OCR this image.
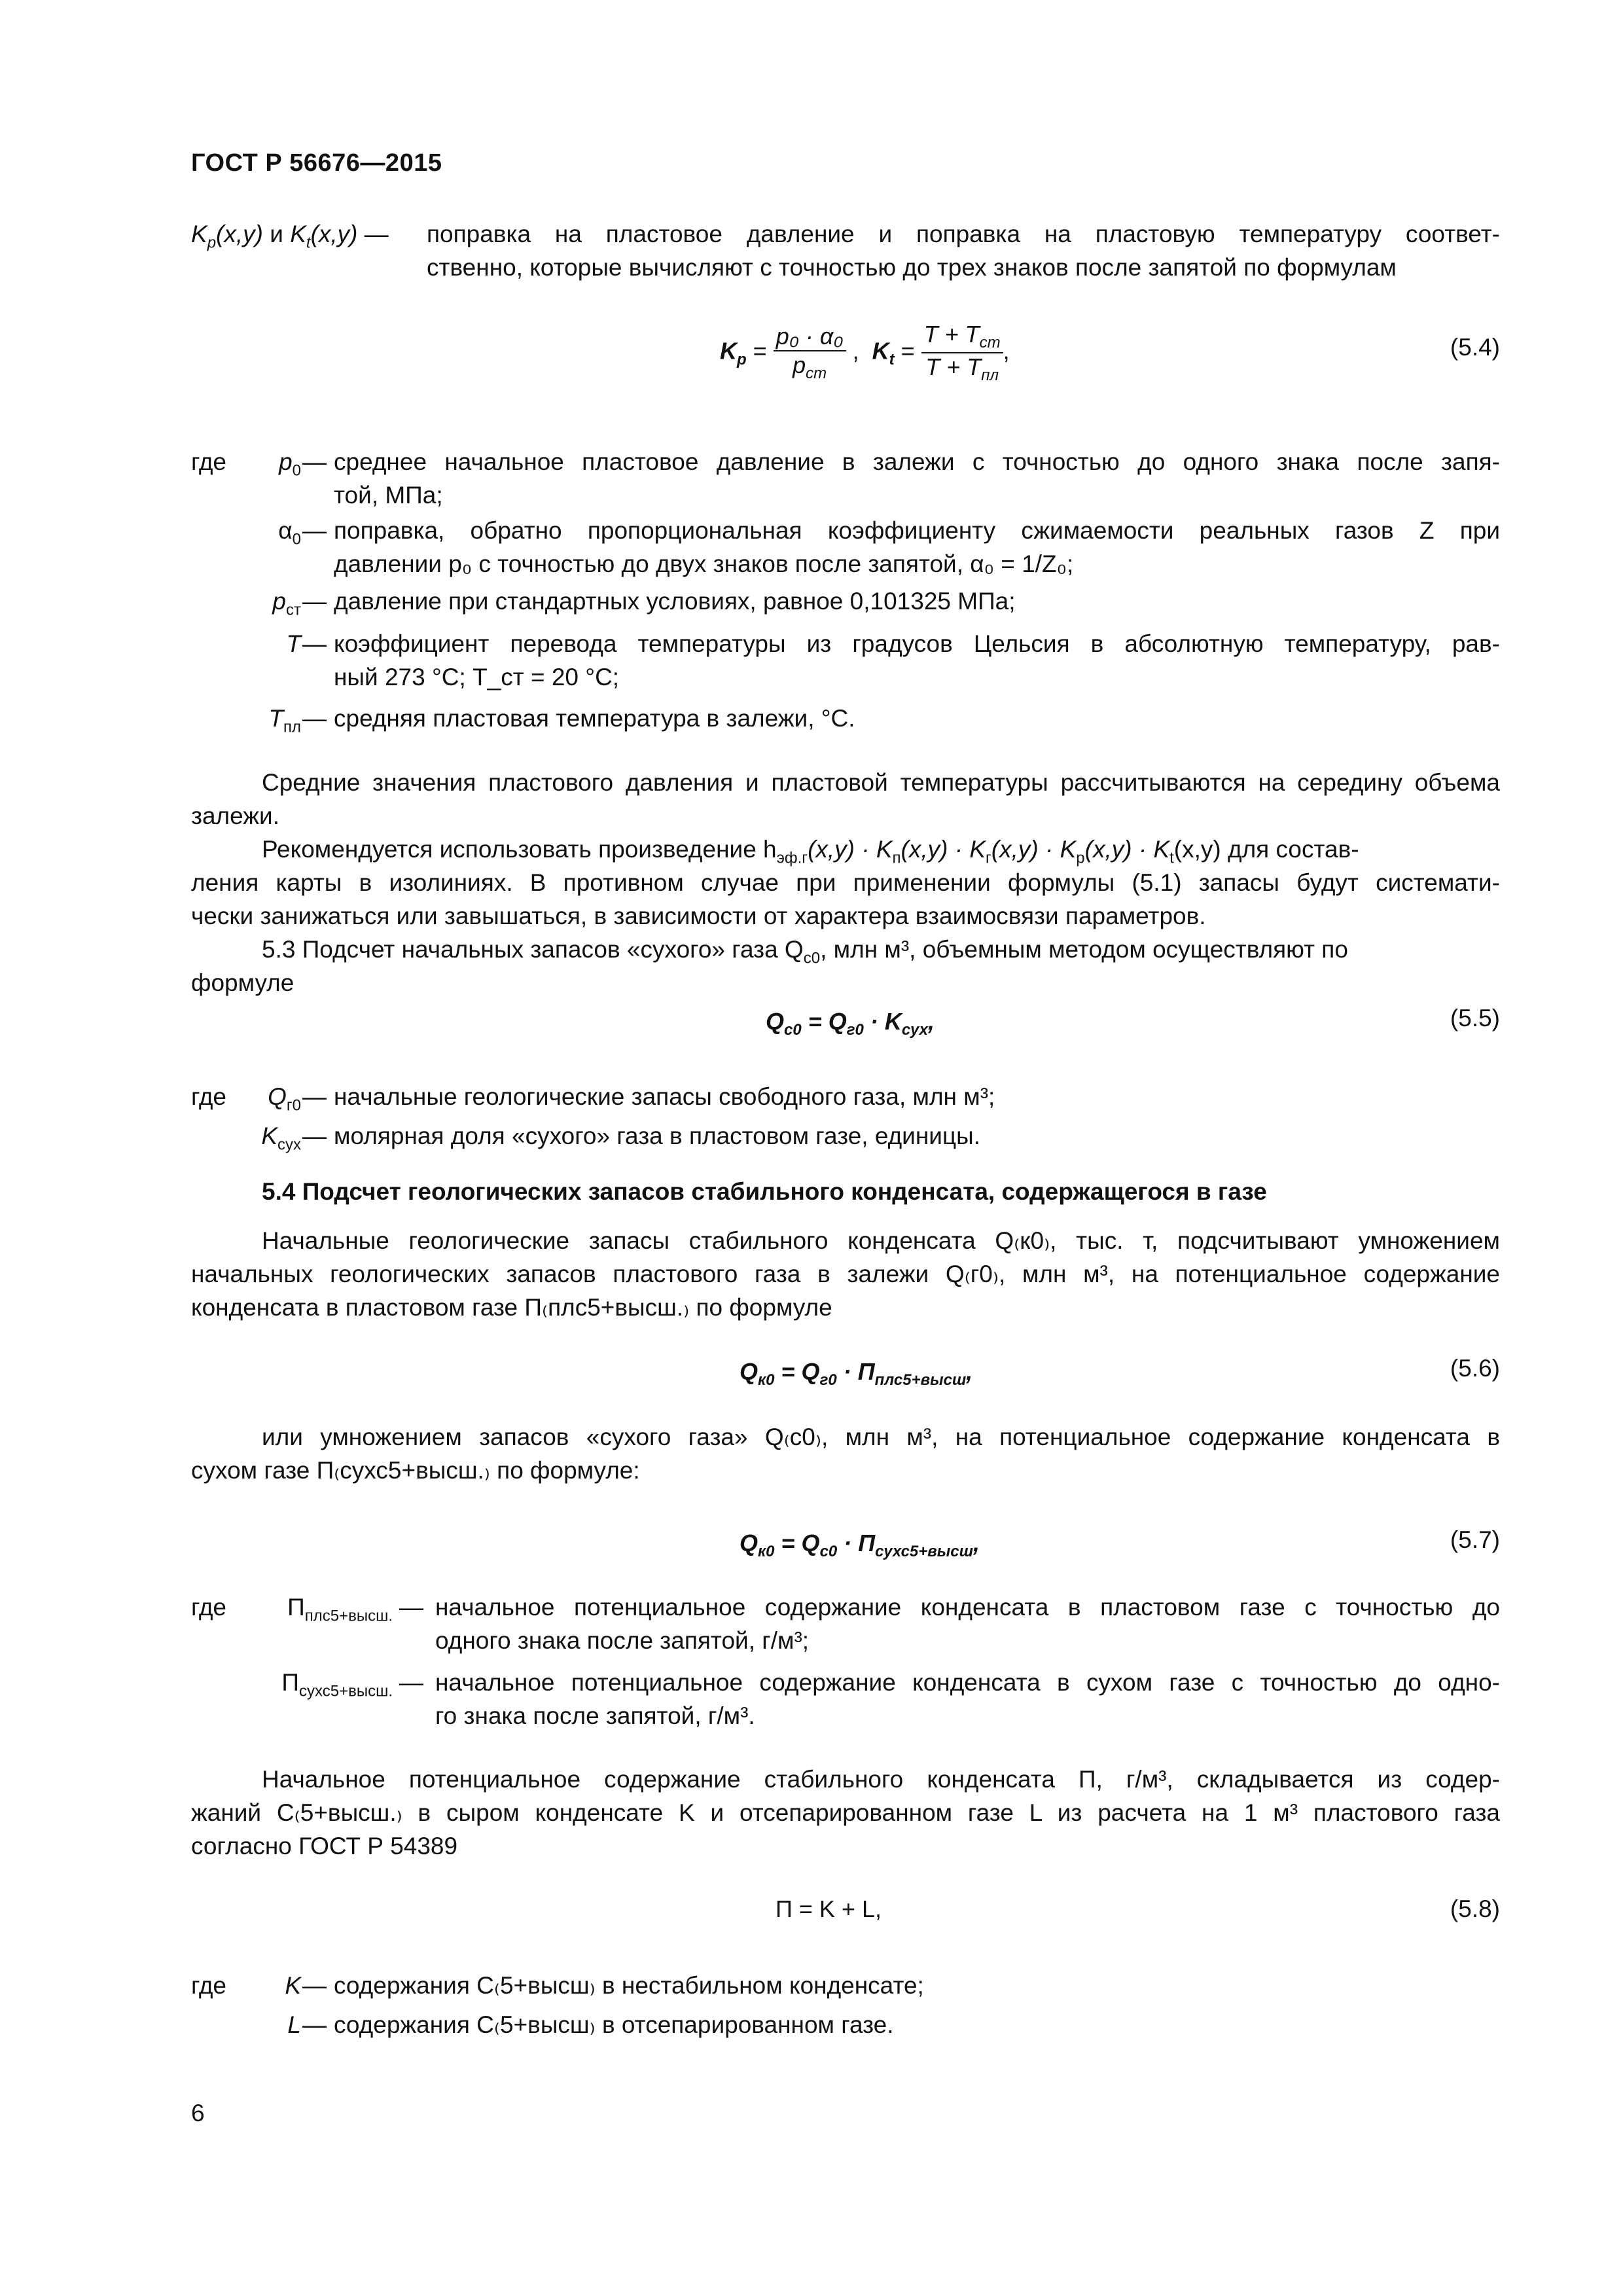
ГОСТ Р 56676—2015
$K_p(x,y)$ и $K_t(x,y)$ — поправка на пластовое давление и поправка на пластовую температуру соответ-
ственно, которые вычисляют с точностью до трех знаков после запятой по формулам
$K_p = \frac{\text{p₀ · α₀}}{p_{ст}}$ , $K_t = \frac{T + T_{ст}}{T + T_{пл}}$ ,	(5.4)
где	$p_0$ — среднее начальное пластовое давление в залежи с точностью до одного знака после запя-
той, МПа;
$\alpha_0$ — поправка, обратно пропорциональная коэффициенту сжимаемости реальных газов Z при
давлении p₀ с точностью до двух знаков после запятой, α₀ = 1/Z₀;
$p_{ст}$ — давление при стандартных условиях, равное 0,101325 МПа;
T — коэффициент перевода температуры из градусов Цельсия в абсолютную температуру, рав-
ный 273 °С; T_ст = 20 °С;
$T_{пл}$ — средняя пластовая температура в залежи, °С.
Средние значения пластового давления и пластовой температуры рассчитываются на середину объема залежи.
Рекомендуется использовать произведение $h_{эф.г}(x,y) \cdot K_п(x,y) \cdot K_г(x,y) \cdot K_p(x,y) \cdot K_t(x,y)$ для состав-
ления карты в изолиниях. В противном случае при применении формулы (5.1) запасы будут системати-
чески занижаться или завышаться, в зависимости от характера взаимосвязи параметров.
5.3 Подсчет начальных запасов «сухого» газа $Q_{с0}$, млн м³, объемным методом осуществляют по
формуле
$Q_{с0} = Q_{г0} \cdot K_{сух}$,	(5.5)
где	$Q_{г0}$ — начальные геологические запасы свободного газа, млн м³;
$K_{сух}$ — молярная доля «сухого» газа в пластовом газе, единицы.
5.4 Подсчет геологических запасов стабильного конденсата, содержащегося в газе
Начальные геологические запасы стабильного конденсата Q₍к0₎, тыс. т, подсчитывают умножением
начальных геологических запасов пластового газа в залежи Q₍г0₎, млн м³, на потенциальное содержание
конденсата в пластовом газе П₍плс5+высш.₎ по формуле
$Q_{к0} = Q_{г0} \cdot П_{плс5+высш}$,	(5.6)
или умножением запасов «сухого газа» Q₍с0₎, млн м³, на потенциальное содержание конденсата в
сухом газе П₍сухс5+высш.₎ по формуле:
$Q_{к0} = Q_{с0} \cdot П_{сухс5+высш}$,	(5.7)
где	$П_{плс5+высш.}$ — начальное потенциальное содержание конденсата в пластовом газе с точностью до
одного знака после запятой, г/м³;
$П_{сухс5+высш.}$ — начальное потенциальное содержание конденсата в сухом газе с точностью до одно-
го знака после запятой, г/м³.
Начальное потенциальное содержание стабильного конденсата П, г/м³, складывается из содер-
жаний C₍5+высш.₎ в сыром конденсате K и отсепарированном газе L из расчета на 1 м³ пластового газа
согласно ГОСТ Р 54389
П = K + L,	(5.8)
где	K — содержания C₍5+высш₎ в нестабильном конденсате;
L — содержания C₍5+высш₎ в отсепарированном газе.
6
